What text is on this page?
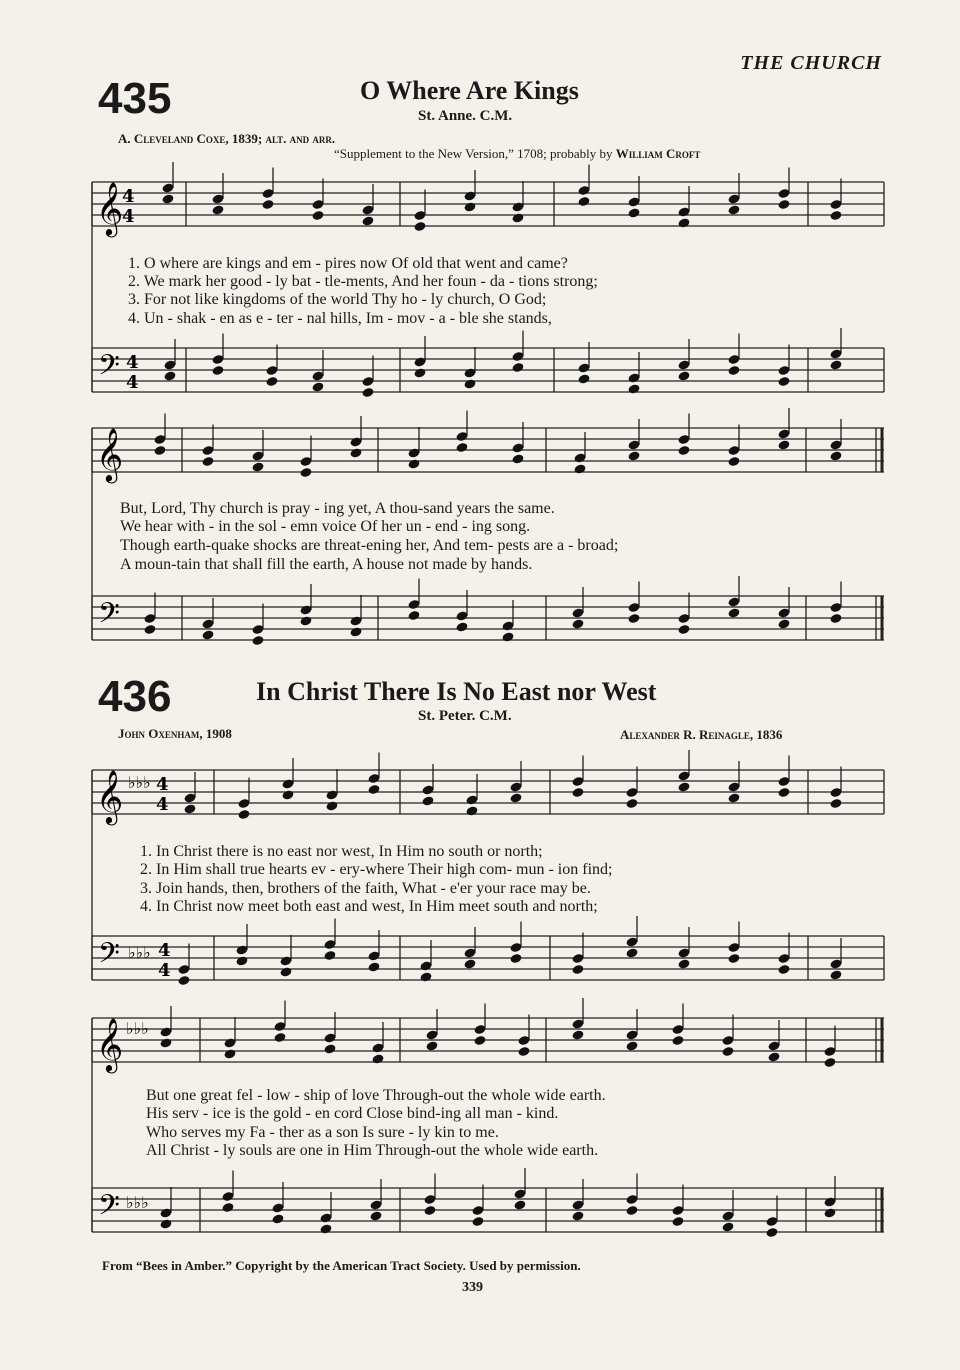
THE CHURCH
435	O Where Are Kings
St. Anne. C.M.
A. Cleveland Coxe, 1839; alt. and arr.
“Supplement to the New Version,” 1708; probably by William Croft
𝄞
4
4
𝄢 4
4
𝄞
𝄢
𝄞 ♭♭♭ 4
4
𝄢 ♭♭♭ 4
4
𝄞 ♭♭♭
𝄢 ♭♭♭
1. O where are kings and em - pires now Of old that went and came?
2. We mark her good - ly bat - tle-ments, And her foun - da - tions strong;
3. For not like kingdoms of the world Thy ho - ly church, O God;
4. Un - shak - en as e - ter - nal hills, Im - mov - a - ble she stands,
But, Lord, Thy church is pray - ing yet, A thou-sand years the same.
We hear with - in the sol - emn voice Of her un - end - ing song.
Though earth-quake shocks are threat-ening her, And tem- pests are a - broad;
A moun-tain that shall fill the earth, A house not made by hands.
436	In Christ There Is No East nor West
St. Peter. C.M.
John Oxenham, 1908	Alexander R. Reinagle, 1836
1. In Christ there is no east nor west, In Him no south or north;
2. In Him shall true hearts ev - ery-where Their high com- mun - ion find;
3. Join hands, then, brothers of the faith, What - e'er your race may be.
4. In Christ now meet both east and west, In Him meet south and north;
But one great fel - low - ship of love Through-out the whole wide earth.
His serv - ice is the gold - en cord Close bind-ing all man - kind.
Who serves my Fa - ther as a son Is sure - ly kin to me.
All Christ - ly souls are one in Him Through-out the whole wide earth.
From “Bees in Amber.” Copyright by the American Tract Society. Used by permission.
339
